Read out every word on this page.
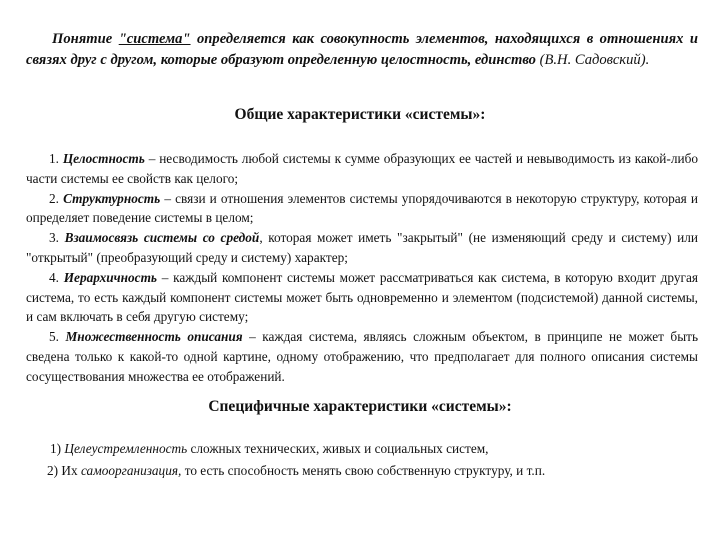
Понятие "система" определяется как совокупность элементов, находящихся в отношениях и связях друг с другом, которые образуют определенную целостность, единство (В.Н. Садовский).

Общие характеристики «системы»:

1. Целостность – несводимость любой системы к сумме образующих ее частей и невыводимость из какой-либо части системы ее свойств как целого;

2. Структурность – связи и отношения элементов системы упорядочиваются в некоторую структуру, которая и определяет поведение системы в целом;

3. Взаимосвязь системы со средой, которая может иметь "закрытый" (не изменяющий среду и систему) или "открытый" (преобразующий среду и систему) характер;

4. Иерархичность – каждый компонент системы может рассматриваться как система, в которую входит другая система, то есть каждый компонент системы может быть одновременно и элементом (подсистемой) данной системы, и сам включать в себя другую систему;

5. Множественность описания – каждая система, являясь сложным объектом, в принципе не может быть сведена только к какой-то одной картине, одному отображению, что предполагает для полного описания системы сосуществования множества ее отображений.

Специфичные характеристики «системы»:

1) Целеустремленность сложных технических, живых и социальных систем,

2) Их самоорганизация, то есть способность менять свою собственную структуру, и т.п.
